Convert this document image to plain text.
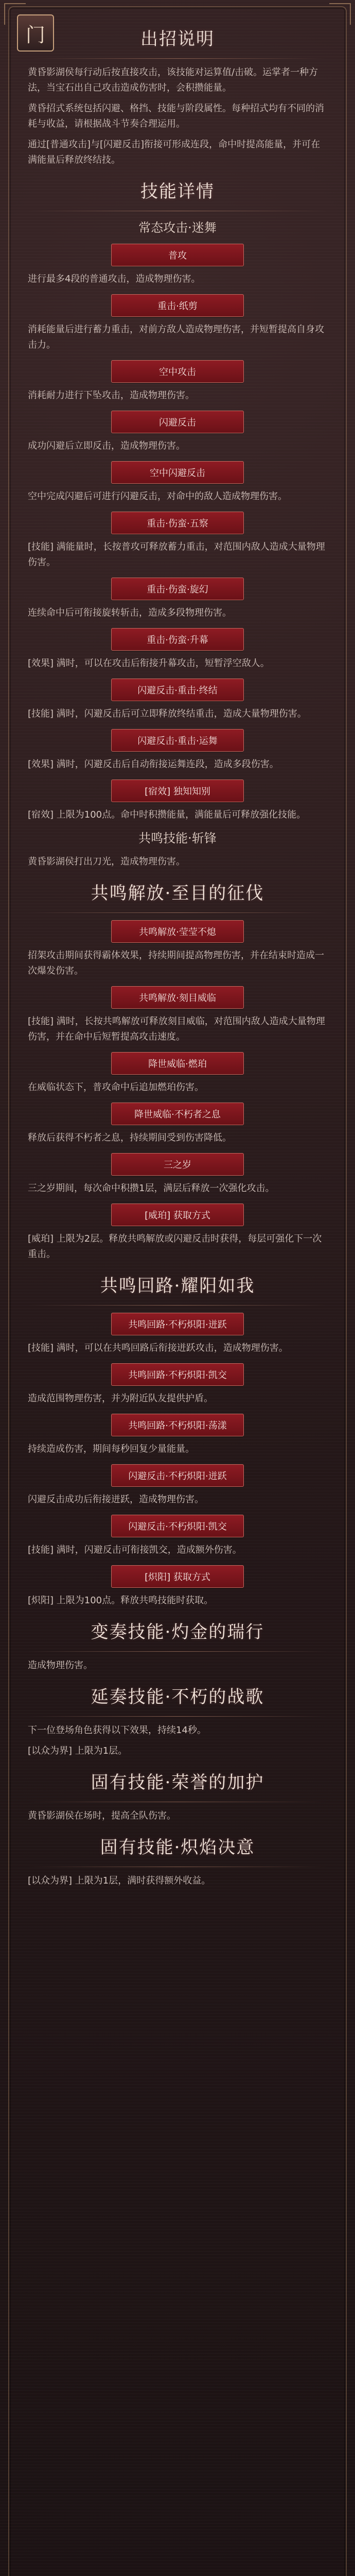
门	出招说明
黄昏影湖侯每行动后按直接攻击，该技能对运算值/击破。运掌者一种方法，当宝石出自己攻击造成伤害时，会积攒能量。
黄昏招式系统包括闪避、格挡、技能与阶段属性。每种招式均有不同的消耗与收益，请根据战斗节奏合理运用。
通过[普通攻击]与[闪避反击]衔接可形成连段，命中时提高能量，并可在满能量后释放终结技。
技能详情
常态攻击·迷舞
普攻
进行最多4段的普通攻击，造成物理伤害。
重击·纸剪
消耗能量后进行蓄力重击，对前方敌人造成物理伤害，并短暂提高自身攻击力。
空中攻击
消耗耐力进行下坠攻击，造成物理伤害。
闪避反击
成功闪避后立即反击，造成物理伤害。
空中闪避反击
空中完成闪避后可进行闪避反击，对命中的敌人造成物理伤害。
重击·伤蛮·五察
[技能] 满能量时，长按普攻可释放蓄力重击，对范围内敌人造成大量物理伤害。
重击·伤蛮·旋幻
连续命中后可衔接旋转斩击，造成多段物理伤害。
重击·伤蛮·升幕
[效果] 满时，可以在攻击后衔接升幕攻击，短暂浮空敌人。
闪避反击·重击·终结
[技能] 满时，闪避反击后可立即释放终结重击，造成大量物理伤害。
闪避反击·重击·运舞
[效果] 满时，闪避反击后自动衔接运舞连段，造成多段伤害。
[宿效] 独知知别
[宿效] 上限为100点。命中时积攒能量，满能量后可释放强化技能。
共鸣技能·斩锋
黄昏影湖侯打出刀光，造成物理伤害。
共鸣解放·至目的征伐
共鸣解放·莹莹不熄
招架攻击期间获得霸体效果，持续期间提高物理伤害，并在结束时造成一次爆发伤害。
共鸣解放·刻目威临
[技能] 满时，长按共鸣解放可释放刻目威临，对范围内敌人造成大量物理伤害，并在命中后短暂提高攻击速度。
降世威临·燃珀
在威临状态下，普攻命中后追加燃珀伤害。
降世威临·不朽者之息
释放后获得不朽者之息，持续期间受到伤害降低。
三之岁
三之岁期间，每次命中积攒1层，满层后释放一次强化攻击。
[威珀] 获取方式
[威珀] 上限为2层。释放共鸣解放或闪避反击时获得，每层可强化下一次重击。
共鸣回路·耀阳如我
共鸣回路·不朽炽阳·迸跃
[技能] 满时，可以在共鸣回路后衔接迸跃攻击，造成物理伤害。
共鸣回路·不朽炽阳·凯交
造成范围物理伤害，并为附近队友提供护盾。
共鸣回路·不朽炽阳·荡漾
持续造成伤害，期间每秒回复少量能量。
闪避反击·不朽炽阳·迸跃
闪避反击成功后衔接迸跃，造成物理伤害。
闪避反击·不朽炽阳·凯交
[技能] 满时，闪避反击可衔接凯交，造成额外伤害。
[炽阳] 获取方式
[炽阳] 上限为100点。释放共鸣技能时获取。
变奏技能·灼金的瑞行
造成物理伤害。
延奏技能·不朽的战歌
下一位登场角色获得以下效果，持续14秒。
[以众为界] 上限为1层。
固有技能·荣誉的加护
黄昏影湖侯在场时，提高全队伤害。
固有技能·炽焰决意
[以众为界] 上限为1层，满时获得额外收益。
